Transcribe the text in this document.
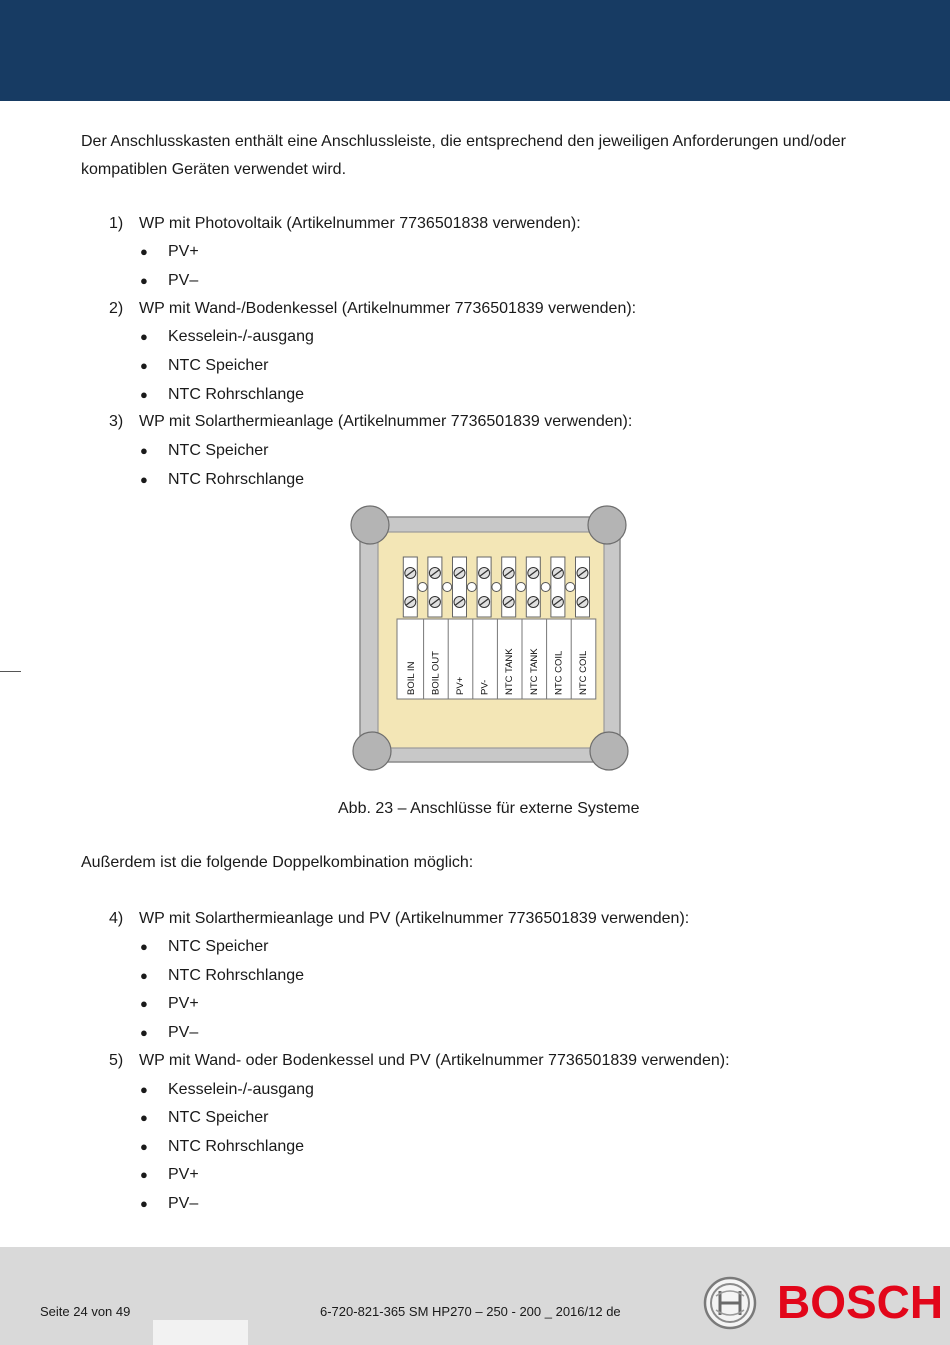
Der Anschlusskasten enthält eine Anschlussleiste, die entsprechend den jeweiligen Anforderungen und/oder
kompatiblen Geräten verwendet wird.
1) WP mit Photovoltaik (Artikelnummer 7736501838 verwenden):
● PV+
● PV–
2) WP mit Wand-/Bodenkessel (Artikelnummer 7736501839 verwenden):
● Kesselein-/-ausgang
● NTC Speicher
● NTC Rohrschlange
3) WP mit Solarthermieanlage (Artikelnummer 7736501839 verwenden):
● NTC Speicher
● NTC Rohrschlange
BOIL IN BOIL OUT PV+ PV- NTC TANK NTC TANK NTC COIL NTC COIL
Abb. 23 – Anschlüsse für externe Systeme
Außerdem ist die folgende Doppelkombination möglich:
4) WP mit Solarthermieanlage und PV (Artikelnummer 7736501839 verwenden):
● NTC Speicher
● NTC Rohrschlange
● PV+
● PV–
5) WP mit Wand- oder Bodenkessel und PV (Artikelnummer 7736501839 verwenden):
● Kesselein-/-ausgang
● NTC Speicher
● NTC Rohrschlange
● PV+
● PV–
Seite 24 von 49	6-720-821-365 SM HP270 – 250 - 200 _ 2016/12 de	BOSCH
